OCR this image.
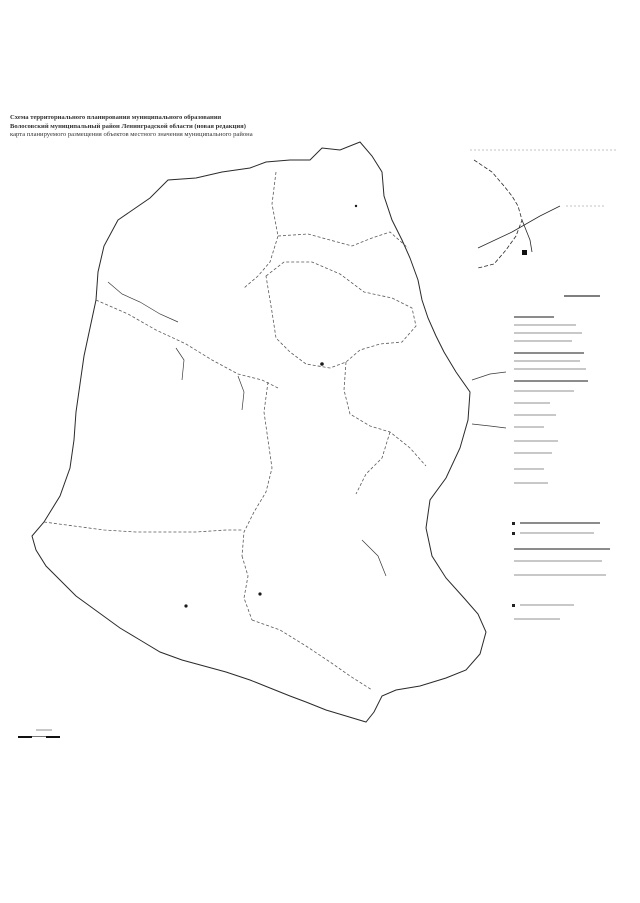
Схема территориального планирования муниципального образования
Волосовский муниципальный район Ленинградской области (новая редакция)
карта планируемого размещения объектов местного значения муниципального района
